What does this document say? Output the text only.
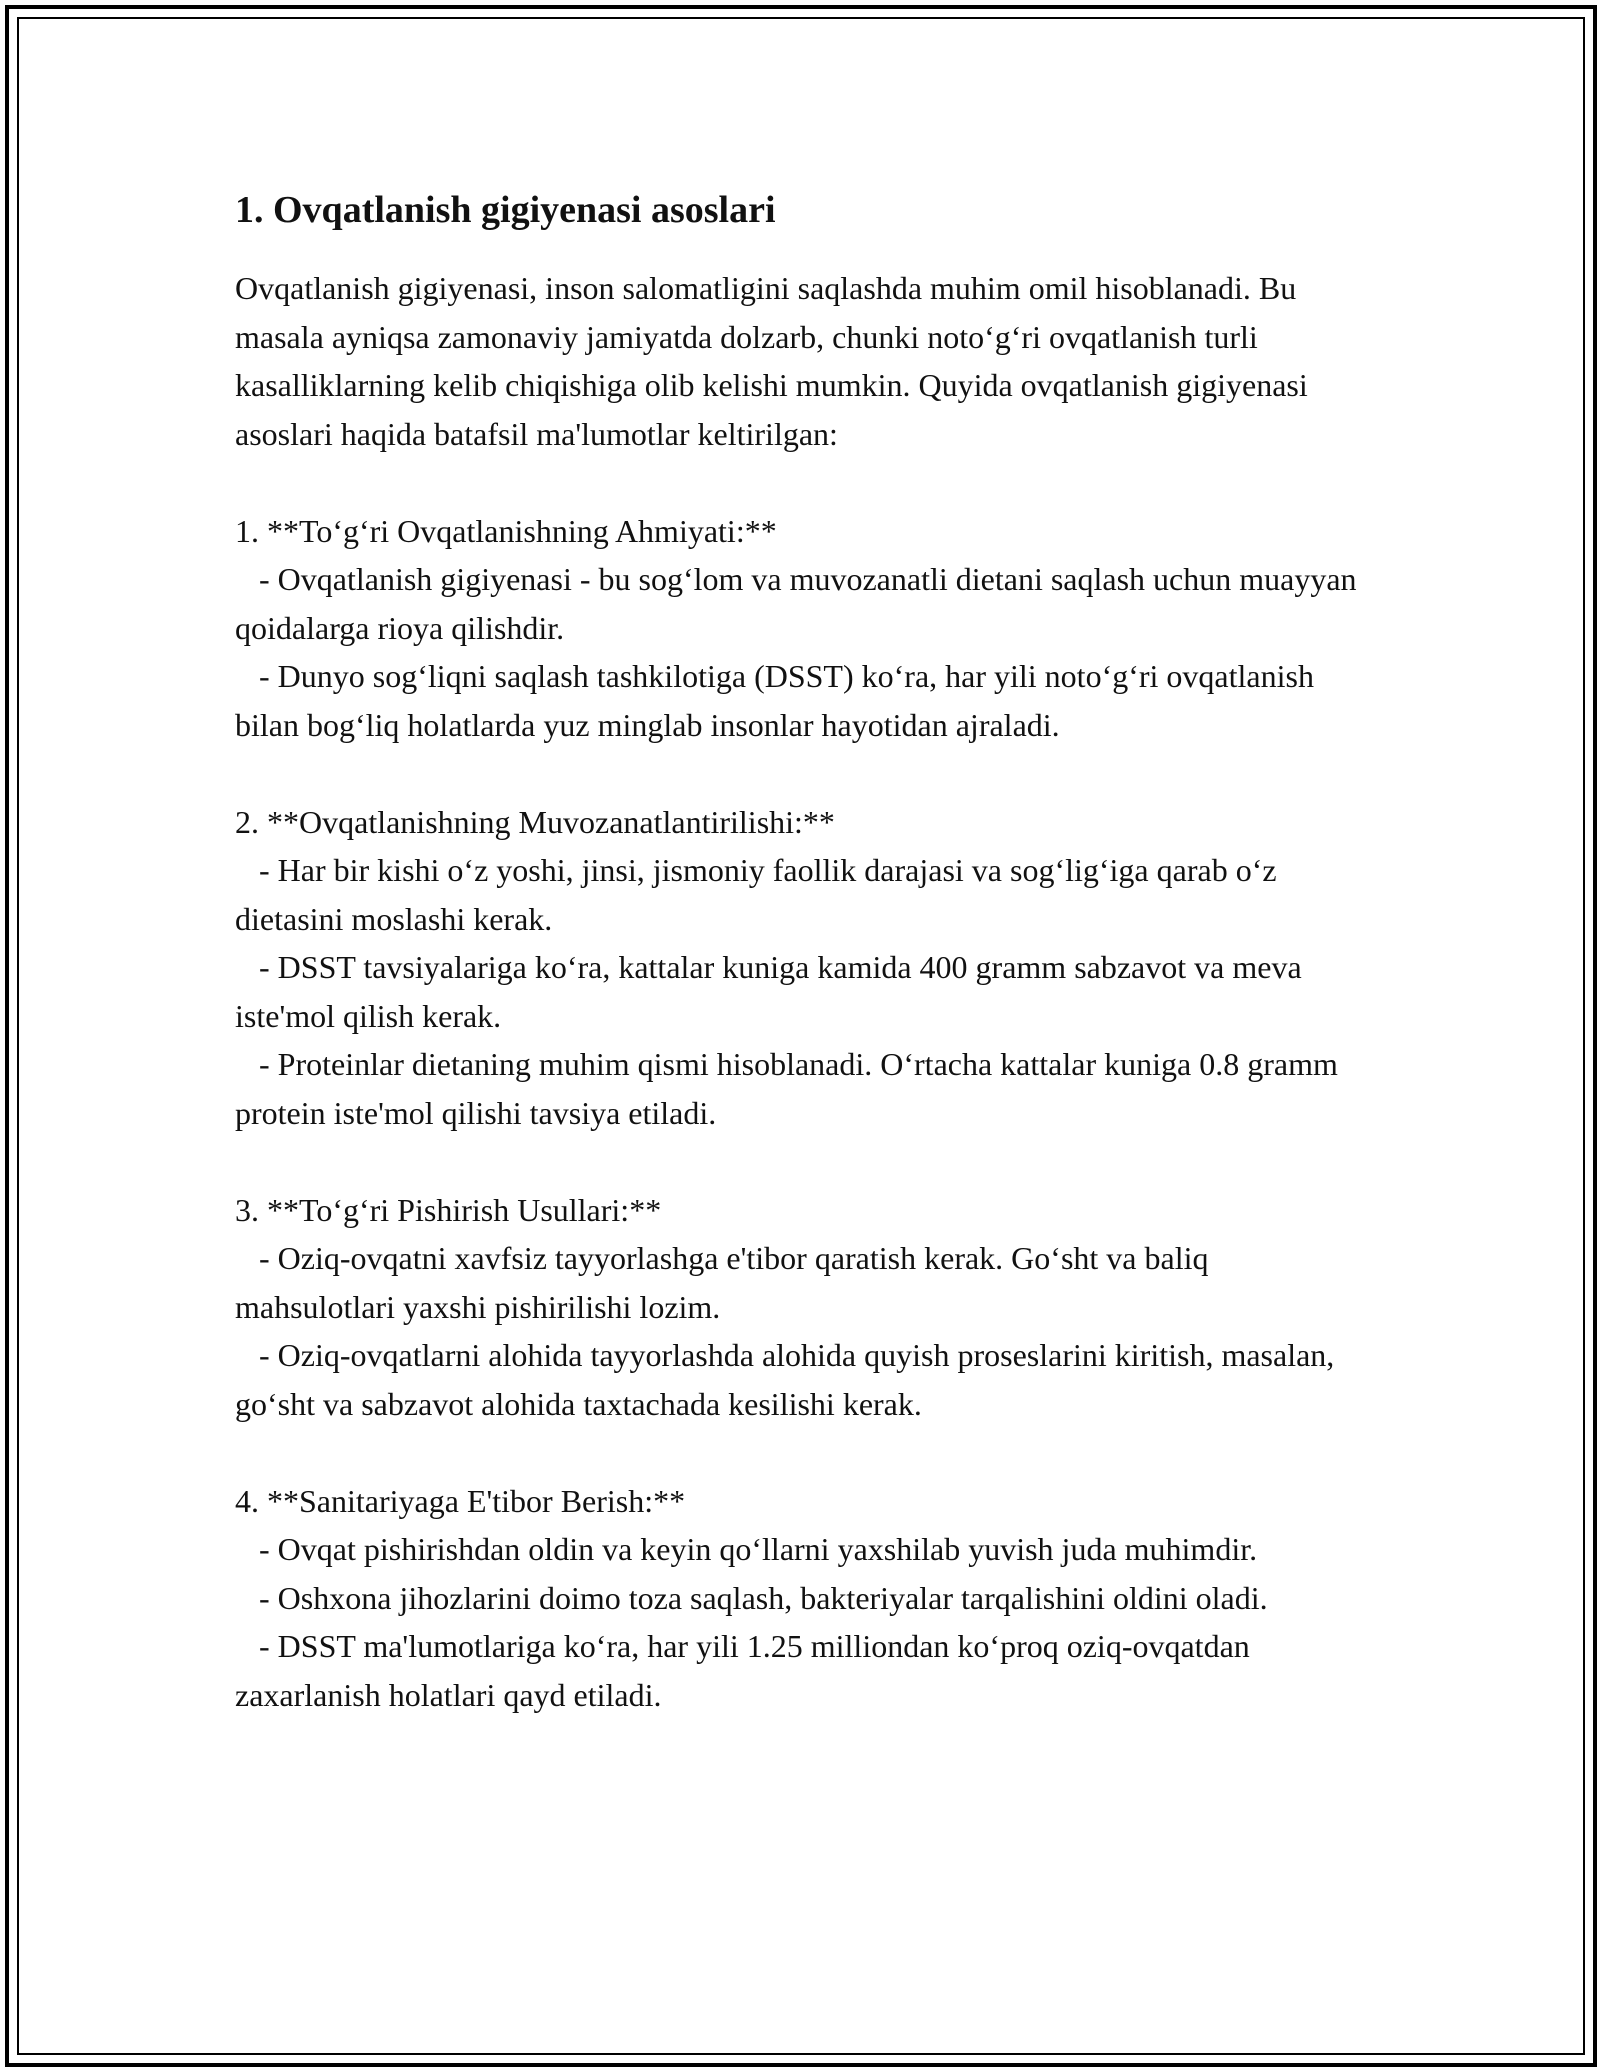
1. Ovqatlanish gigiyenasi asoslari

Ovqatlanish gigiyenasi, inson salomatligini saqlashda muhim omil hisoblanadi. Bu masala ayniqsa zamonaviy jamiyatda dolzarb, chunki noto‘g‘ri ovqatlanish turli kasalliklarning kelib chiqishiga olib kelishi mumkin. Quyida ovqatlanish gigiyenasi asoslari haqida batafsil ma'lumotlar keltirilgan:

1. **To‘g‘ri Ovqatlanishning Ahmiyati:**

- Ovqatlanish gigiyenasi - bu sog‘lom va muvozanatli dietani saqlash uchun muayyan qoidalarga rioya qilishdir.

- Dunyo sog‘liqni saqlash tashkilotiga (DSST) ko‘ra, har yili noto‘g‘ri ovqatlanish bilan bog‘liq holatlarda yuz minglab insonlar hayotidan ajraladi.

2. **Ovqatlanishning Muvozanatlantirilishi:**

- Har bir kishi o‘z yoshi, jinsi, jismoniy faollik darajasi va sog‘lig‘iga qarab o‘z dietasini moslashi kerak.

- DSST tavsiyalariga ko‘ra, kattalar kuniga kamida 400 gramm sabzavot va meva iste'mol qilish kerak.

- Proteinlar dietaning muhim qismi hisoblanadi. O‘rtacha kattalar kuniga 0.8 gramm protein iste'mol qilishi tavsiya etiladi.

3. **To‘g‘ri Pishirish Usullari:**

- Oziq-ovqatni xavfsiz tayyorlashga e'tibor qaratish kerak. Go‘sht va baliq mahsulotlari yaxshi pishirilishi lozim.

- Oziq-ovqatlarni alohida tayyorlashda alohida quyish proseslarini kiritish, masalan, go‘sht va sabzavot alohida taxtachada kesilishi kerak.

4. **Sanitariyaga E'tibor Berish:**

- Ovqat pishirishdan oldin va keyin qo‘llarni yaxshilab yuvish juda muhimdir.

- Oshxona jihozlarini doimo toza saqlash, bakteriyalar tarqalishini oldini oladi.

- DSST ma'lumotlariga ko‘ra, har yili 1.25 milliondan ko‘proq oziq-ovqatdan zaxarlanish holatlari qayd etiladi.
